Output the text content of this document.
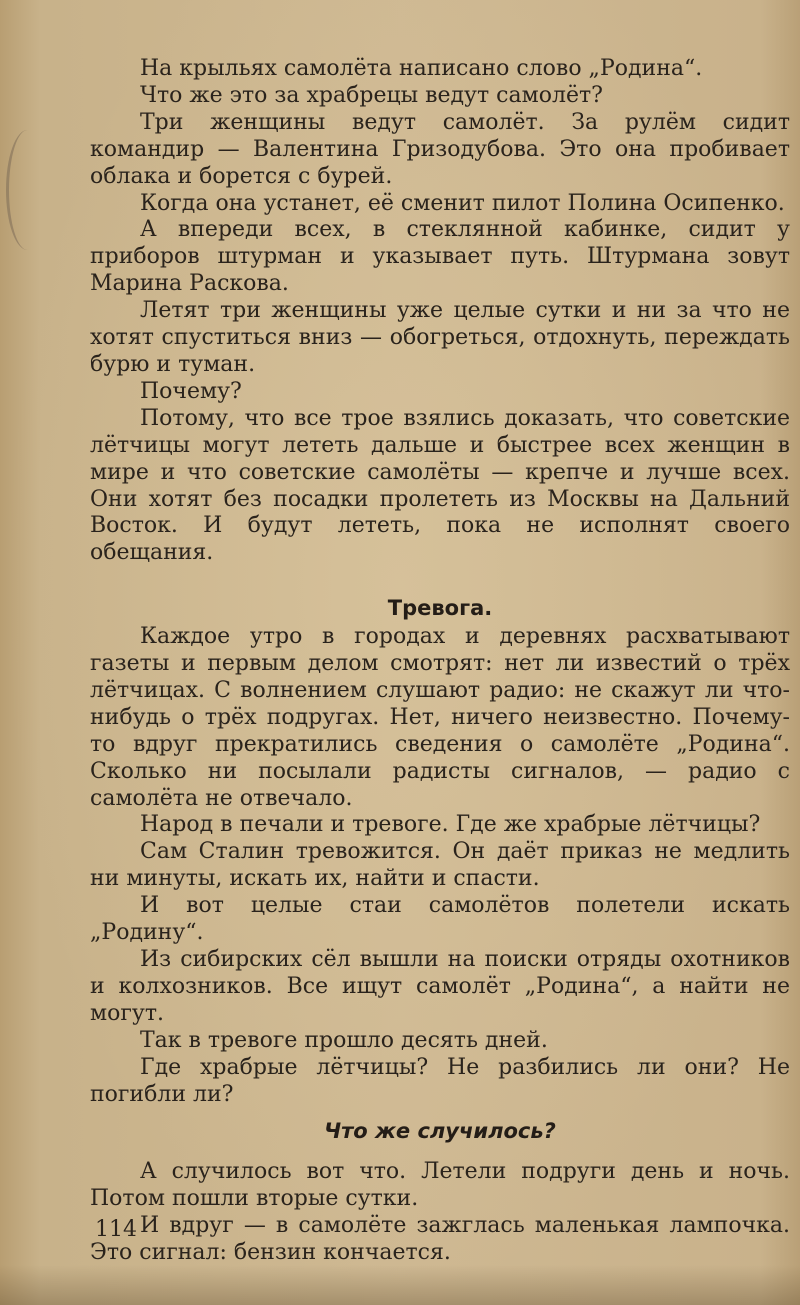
На крыльях самолёта написано слово „Родина“.

Что же это за храбрецы ведут самолёт?

Три женщины ведут самолёт. За рулём сидит командир — Валентина Гризодубова. Это она пробивает облака и борется с бурей.

Когда она устанет, её сменит пилот Полина Осипенко.

А впереди всех, в стеклянной кабинке, сидит у приборов штурман и указывает путь. Штурмана зовут Марина Раскова.

Летят три женщины уже целые сутки и ни за что не хотят спуститься вниз — обогреться, отдохнуть, переждать бурю и туман.

Почему?

Потому, что все трое взялись доказать, что советские лётчицы могут лететь дальше и быстрее всех женщин в мире и что советские самолёты — крепче и лучше всех. Они хотят без посадки пролететь из Москвы на Дальний Восток. И будут лететь, пока не исполнят своего обещания.

Тревога.

Каждое утро в городах и деревнях расхватывают газеты и первым делом смотрят: нет ли известий о трёх лётчицах. С волнением слушают радио: не скажут ли что-нибудь о трёх подругах. Нет, ничего неизвестно. Почему-то вдруг прекратились сведения о самолёте „Родина“. Сколько ни посылали радисты сигналов, — радио с самолёта не отвечало.

Народ в печали и тревоге. Где же храбрые лётчицы?

Сам Сталин тревожится. Он даёт приказ не медлить ни минуты, искать их, найти и спасти.

И вот целые стаи самолётов полетели искать „Родину“.

Из сибирских сёл вышли на поиски отряды охотников и колхозников. Все ищут самолёт „Родина“, а найти не могут.

Так в тревоге прошло десять дней.

Где храбрые лётчицы? Не разбились ли они? Не погибли ли?

Что же случилось?

А случилось вот что. Летели подруги день и ночь. Потом пошли вторые сутки.

И вдруг — в самолёте зажглась маленькая лампочка. Это сигнал: бензин кончается.

114
